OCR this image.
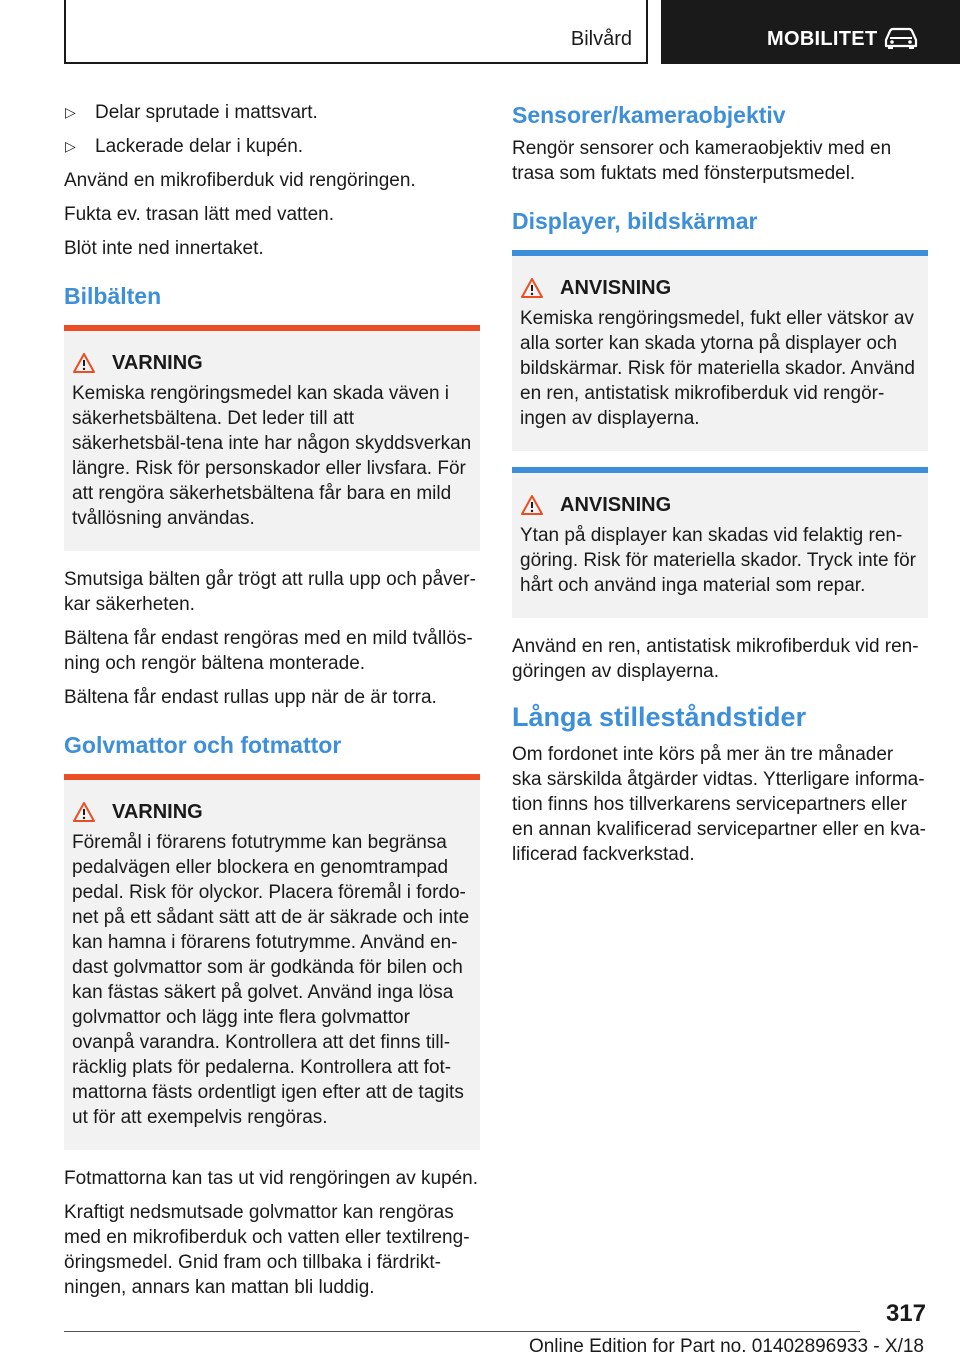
Bilvård	MOBILITET
▷	Delar sprutade i mattsvart.
▷	Lackerade delar i kupén.

Använd en mikrofiberduk vid rengöringen.

Fukta ev. trasan lätt med vatten.

Blöt inte ned innertaket.

Bilbälten
VARNING

Kemiska rengöringsmedel kan skada väven i säkerhetsbältena. Det leder till att säkerhetsbäl-tena inte har någon skyddsverkan längre. Risk för personskador eller livsfara. För att rengöra säkerhetsbältena får bara en mild tvållösning användas.

Smutsiga bälten går trögt att rulla upp och påver-kar säkerheten.

Bältena får endast rengöras med en mild tvållös-ning och rengör bältena monterade.

Bältena får endast rullas upp när de är torra.

Golvmattor och fotmattor
VARNING

Föremål i förarens fotutrymme kan begränsa pedalvägen eller blockera en genomtrampad pedal. Risk för olyckor. Placera föremål i fordo-net på ett sådant sätt att de är säkrade och inte kan hamna i förarens fotutrymme. Använd en-dast golvmattor som är godkända för bilen och kan fästas säkert på golvet. Använd inga lösa golvmattor och lägg inte flera golvmattor ovanpå varandra. Kontrollera att det finns till-räcklig plats för pedalerna. Kontrollera att fot-mattorna fästs ordentligt igen efter att de tagits ut för att exempelvis rengöras.

Fotmattorna kan tas ut vid rengöringen av kupén.

Kraftigt nedsmutsade golvmattor kan rengöras med en mikrofiberduk och vatten eller textilreng-öringsmedel. Gnid fram och tillbaka i färdrikt-ningen, annars kan mattan bli luddig.

Sensorer/kameraobjektiv

Rengör sensorer och kameraobjektiv med en trasa som fuktats med fönsterputsmedel.

Displayer, bildskärmar
ANVISNING

Kemiska rengöringsmedel, fukt eller vätskor av alla sorter kan skada ytorna på displayer och bildskärmar. Risk för materiella skador. Använd en ren, antistatisk mikrofiberduk vid rengör-ingen av displayerna.

ANVISNING

Ytan på displayer kan skadas vid felaktig ren-göring. Risk för materiella skador. Tryck inte för hårt och använd inga material som repar.

Använd en ren, antistatisk mikrofiberduk vid ren-göringen av displayerna.

Långa stilleståndstider

Om fordonet inte körs på mer än tre månader ska särskilda åtgärder vidtas. Ytterligare informa-tion finns hos tillverkarens servicepartners eller en annan kvalificerad servicepartner eller en kva-lificerad fackverkstad.

317
Online Edition for Part no. 01402896933 - X/18
